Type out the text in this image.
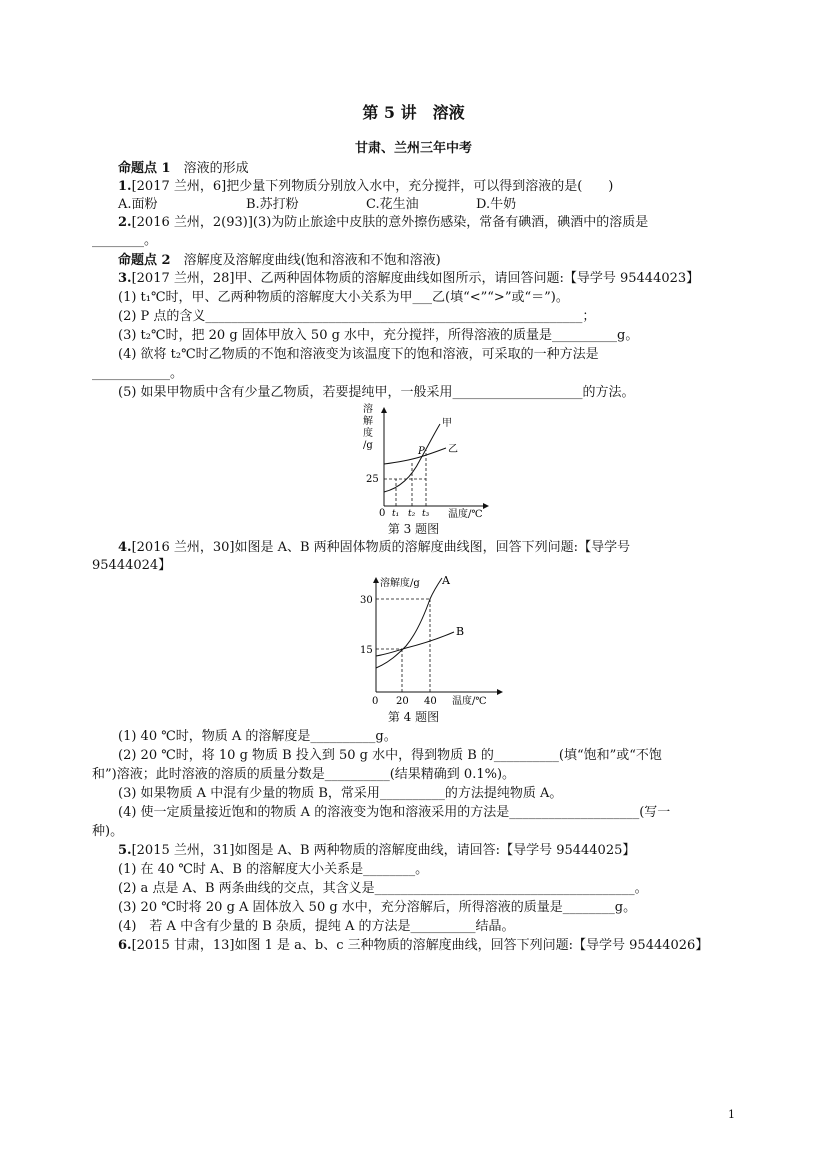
第 5 讲　溶液
甘肃、兰州三年中考
命题点 1　溶液的形成
1.[2017 兰州，6]把少量下列物质分别放入水中，充分搅拌，可以得到溶液的是(　　)
A.面粉	B.苏打粉	C.花生油	D.牛奶
2.[2016 兰州，2(93)](3)为防止旅途中皮肤的意外擦伤感染，常备有碘酒，碘酒中的溶质是
________。
命题点 2　溶解度及溶解度曲线(饱和溶液和不饱和溶液)
3.[2017 兰州，28]甲、乙两种固体物质的溶解度曲线如图所示，请回答问题:【导学号 95444023】
(1) t₁℃时，甲、乙两种物质的溶解度大小关系为甲___乙(填“<”“>”或“＝”)。
(2) P 点的含义__________________________________________________________；
(3) t₂℃时，把 20 g 固体甲放入 50 g 水中，充分搅拌，所得溶液的质量是__________g。
(4) 欲将 t₂℃时乙物质的不饱和溶液变为该温度下的饱和溶液，可采取的一种方法是
____________。
(5) 如果甲物质中含有少量乙物质，若要提纯甲，一般采用____________________的方法。
溶
解
度
/g
25
甲
乙
P
0 t₁ t₂ t₃ 温度/℃
第 3 题图
4.[2016 兰州，30]如图是 A、B 两种固体物质的溶解度曲线图，回答下列问题:【导学号
95444024】
溶解度/g
30
15
A
B
0 20 40 温度/℃
第 4 题图
(1) 40 ℃时，物质 A 的溶解度是__________g。
(2) 20 ℃时，将 10 g 物质 B 投入到 50 g 水中，得到物质 B 的__________(填“饱和”或“不饱
和”)溶液；此时溶液的溶质的质量分数是__________(结果精确到 0.1%)。
(3) 如果物质 A 中混有少量的物质 B，常采用__________的方法提纯物质 A。
(4) 使一定质量接近饱和的物质 A 的溶液变为饱和溶液采用的方法是____________________(写一
种)。
5.[2015 兰州，31]如图是 A、B 两种物质的溶解度曲线，请回答:【导学号 95444025】
(1) 在 40 ℃时 A、B 的溶解度大小关系是________。
(2) a 点是 A、B 两条曲线的交点，其含义是________________________________________。
(3) 20 ℃时将 20 g A 固体放入 50 g 水中，充分溶解后，所得溶液的质量是________g。
(4)　若 A 中含有少量的 B 杂质，提纯 A 的方法是__________结晶。
6.[2015 甘肃，13]如图 1 是 a、b、c 三种物质的溶解度曲线，回答下列问题:【导学号 95444026】
1
